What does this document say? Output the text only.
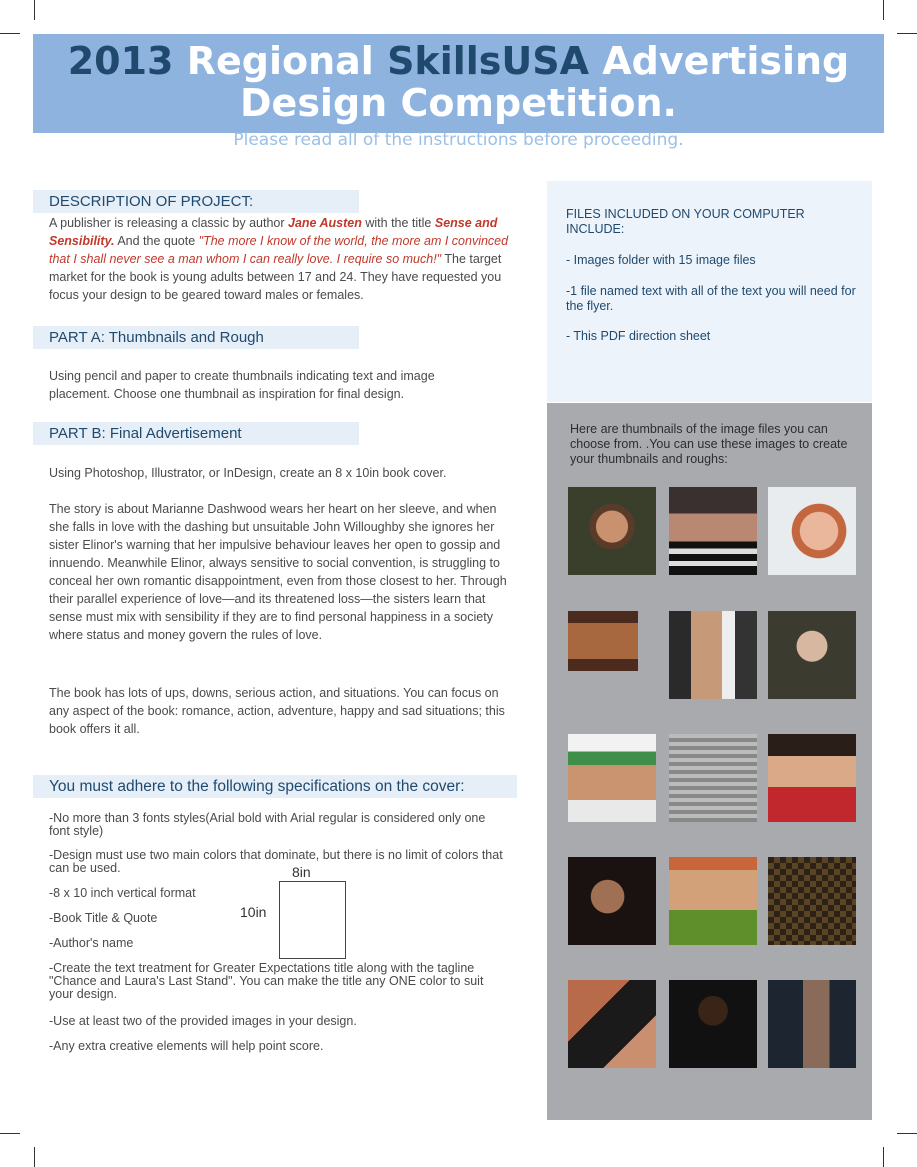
2013 Regional SkillsUSA Advertising
Design Competition.
Please read all of the instructions before proceeding.
DESCRIPTION OF PROJECT:
A publisher is releasing a classic by author Jane Austen with the title Sense and Sensibility. And the quote "The more I know of the world, the more am I convinced that I shall never see a man whom I can really love. I require so much!" The target market for the book is young adults between 17 and 24. They have requested you focus your design to be geared toward males or females.
PART A: Thumbnails and Rough
Using pencil and paper to create thumbnails indicating text and image placement. Choose one thumbnail as inspiration for final design.
PART B: Final Advertisement
Using Photoshop, Illustrator, or InDesign, create an 8 x 10in book cover.
The story is about Marianne Dashwood wears her heart on her sleeve, and when she falls in love with the dashing but unsuitable John Willoughby she ignores her sister Elinor's warning that her impulsive behaviour leaves her open to gossip and innuendo. Meanwhile Elinor, always sensitive to social convention, is struggling to conceal her own romantic disappointment, even from those closest to her. Through their parallel experience of love—and its threatened loss—the sisters learn that sense must mix with sensibility if they are to find personal happiness in a society where status and money govern the rules of love.
The book has lots of ups, downs, serious action, and situations. You can focus on any aspect of the book: romance, action, adventure, happy and sad situations; this book offers it all.
You must adhere to the following specifications on the cover:
-No more than 3 fonts styles(Arial bold with Arial regular is considered only one font style)
-Design must use two main colors that dominate, but there is no limit of colors that can be used.
-8 x 10 inch vertical format
-Book Title & Quote
-Author's name
-Create the text treatment for Greater Expectations title along with the tagline "Chance and Laura's Last Stand". You can make the title any ONE color to suit your design.
-Use at least two of the provided images in your design.
-Any extra creative elements will help point score.
8in
10in
FILES INCLUDED ON YOUR COMPUTER INCLUDE:
- Images folder with 15 image files
-1 file named text with all of the text you will need for the flyer.
- This PDF direction sheet
Here are thumbnails of the image files you can choose from. .You can use these images to create your thumbnails and roughs:
